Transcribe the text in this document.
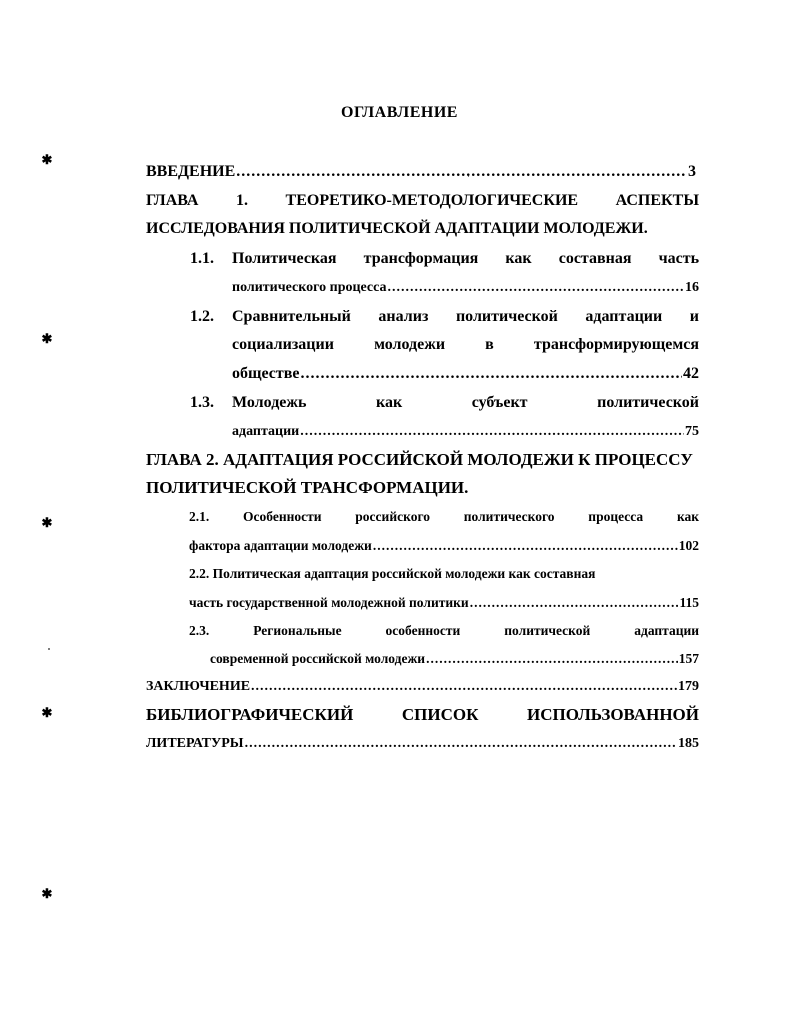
ОГЛАВЛЕНИЕ
ВВЕДЕНИЕ .....	3
ГЛАВА 1. ТЕОРЕТИКО-МЕТОДОЛОГИЧЕСКИЕ АСПЕКТЫ
ИССЛЕДОВАНИЯ ПОЛИТИЧЕСКОЙ АДАПТАЦИИ МОЛОДЕЖИ.
1.1. Политическая трансформация как составная часть
политического процесса .....	16
1.2. Сравнительный анализ политической адаптации и
социализации	молодежи	в	трансформирующемся
обществе .....	42
1.3. Молодежь	как	субъект	политической
адаптации .....	75
ГЛАВА 2. АДАПТАЦИЯ РОССИЙСКОЙ МОЛОДЕЖИ К ПРОЦЕССУ
ПОЛИТИЧЕСКОЙ ТРАНСФОРМАЦИИ.
2.1.	Особенности	российского	политического	процесса	как
фактора адаптации молодежи .....	102
2.2. Политическая адаптация российской молодежи как составная
часть государственной молодежной политики .....	115
2.3.	Региональные	особенности	политической	адаптации
современной российской молодежи .....	157
ЗАКЛЮЧЕНИЕ .....	179
БИБЛИОГРАФИЧЕСКИЙ	СПИСОК	ИСПОЛЬЗОВАННОЙ
ЛИТЕРАТУРЫ .....	185
✱
✱
✱
✱
✱
